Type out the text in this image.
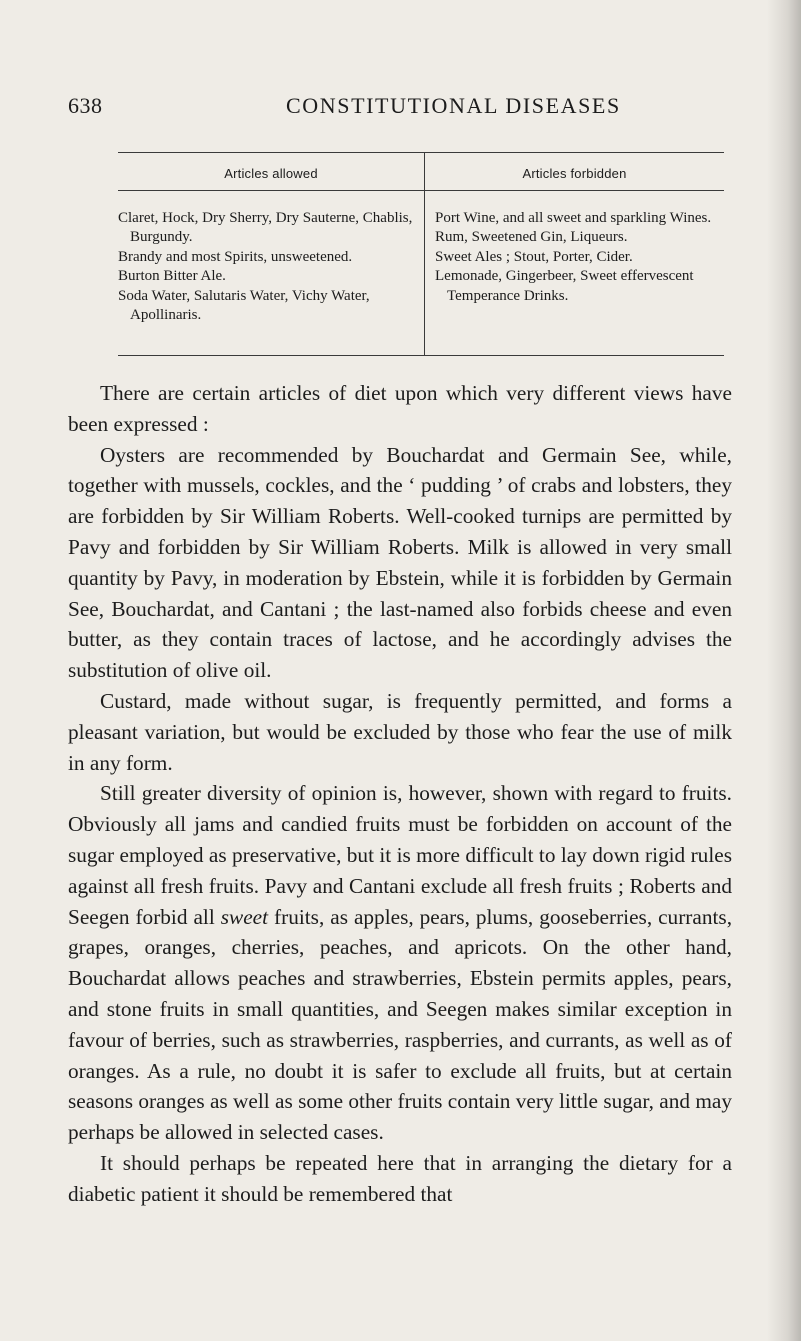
638	CONSTITUTIONAL DISEASES
Articles allowed	Articles forbidden
Claret, Hock, Dry Sherry, Dry Sauterne, Chablis, Burgundy.
Brandy and most Spirits, unsweetened.
Burton Bitter Ale.
Soda Water, Salutaris Water, Vichy Water, Apollinaris.
Port Wine, and all sweet and sparkling Wines.
Rum, Sweetened Gin, Liqueurs.
Sweet Ales ; Stout, Porter, Cider.
Lemonade, Gingerbeer, Sweet effervescent Temperance Drinks.

There are certain articles of diet upon which very different views have been expressed :

Oysters are recommended by Bouchardat and Germain See, while, together with mussels, cockles, and the ‘ pudding ’ of crabs and lobsters, they are forbidden by Sir William Roberts. Well-cooked turnips are permitted by Pavy and forbidden by Sir William Roberts. Milk is allowed in very small quantity by Pavy, in moderation by Ebstein, while it is forbidden by Germain See, Bouchardat, and Cantani ; the last-named also forbids cheese and even butter, as they contain traces of lactose, and he accordingly advises the substitution of olive oil.

Custard, made without sugar, is frequently permitted, and forms a pleasant variation, but would be excluded by those who fear the use of milk in any form.

Still greater diversity of opinion is, however, shown with regard to fruits. Obviously all jams and candied fruits must be forbidden on account of the sugar employed as preservative, but it is more difficult to lay down rigid rules against all fresh fruits. Pavy and Cantani exclude all fresh fruits ; Roberts and Seegen forbid all sweet fruits, as apples, pears, plums, gooseberries, currants, grapes, oranges, cherries, peaches, and apricots. On the other hand, Bouchardat allows peaches and strawberries, Ebstein permits apples, pears, and stone fruits in small quantities, and Seegen makes similar exception in favour of berries, such as strawberries, raspberries, and currants, as well as of oranges. As a rule, no doubt it is safer to exclude all fruits, but at certain seasons oranges as well as some other fruits contain very little sugar, and may perhaps be allowed in selected cases.

It should perhaps be repeated here that in arranging the dietary for a diabetic patient it should be remembered that
